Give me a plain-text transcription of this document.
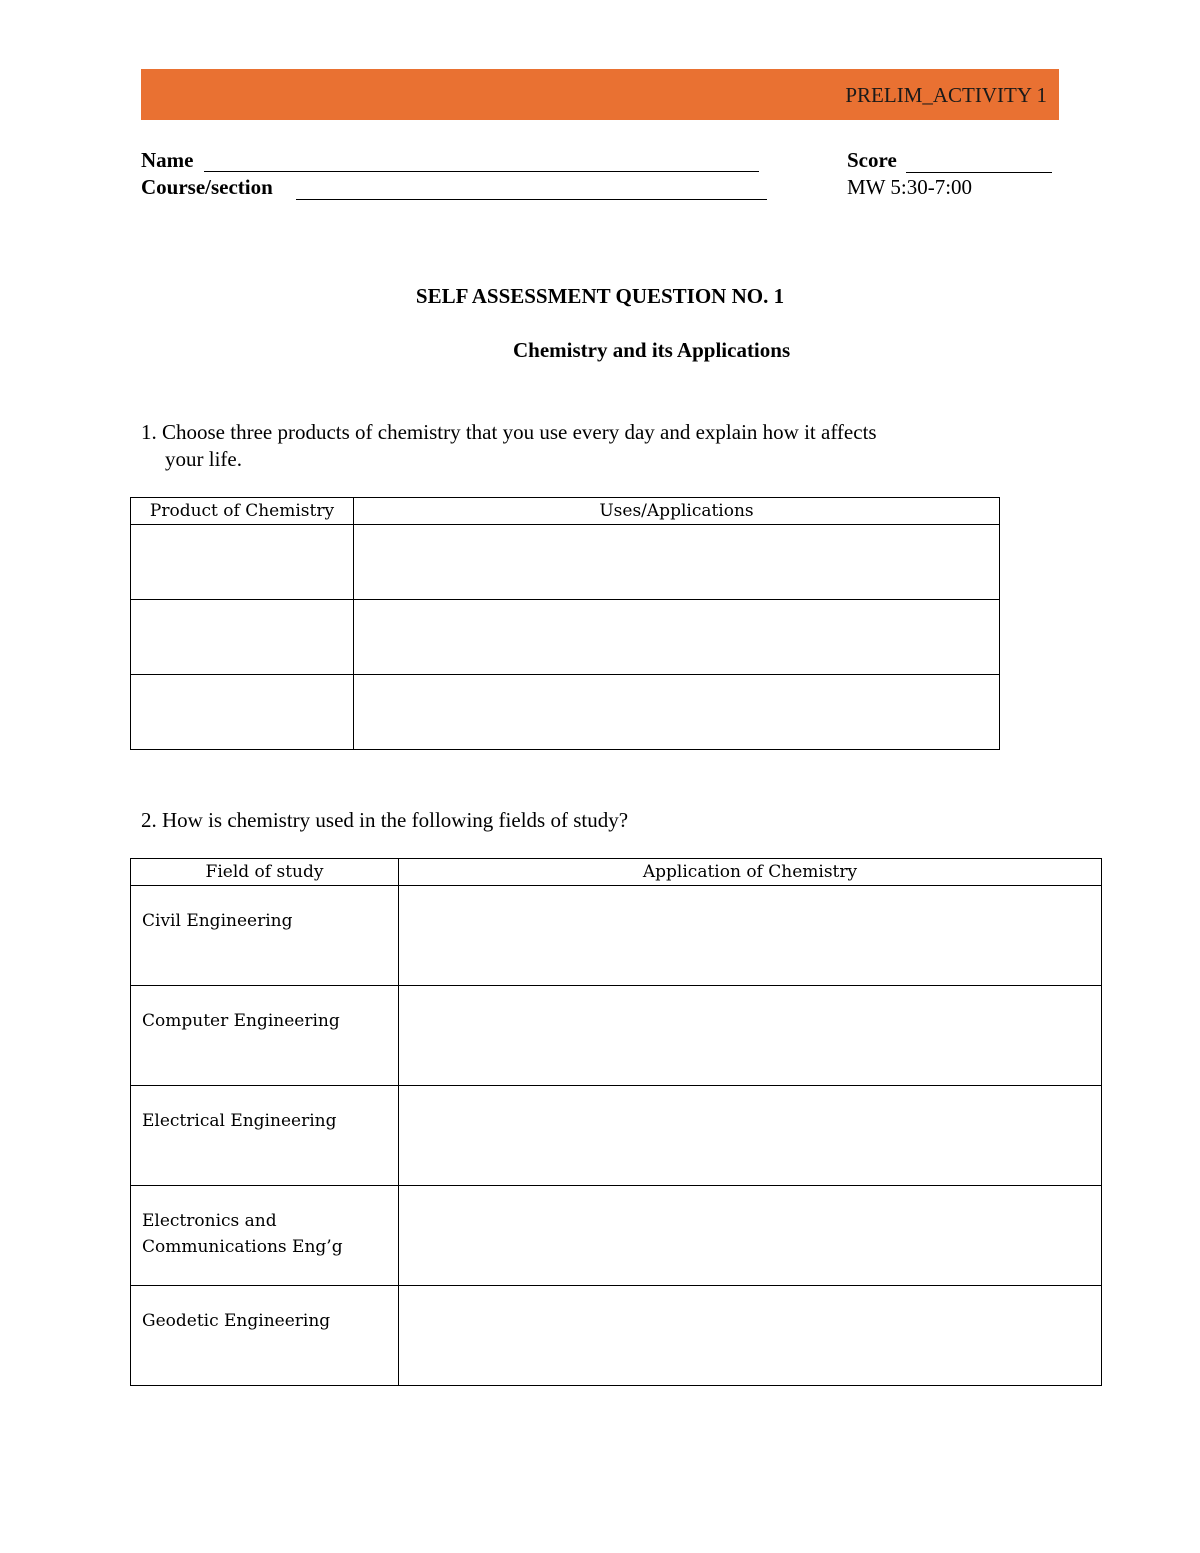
PRELIM_ACTIVITY 1
Name
Course/section
Score
MW 5:30-7:00
SELF ASSESSMENT QUESTION NO. 1
Chemistry and its Applications
1. Choose three products of chemistry that you use every day and explain how it affects
your life.
Product of Chemistry	Uses/Applications

2. How is chemistry used in the following fields of study?
Field of study	Application of Chemistry
Civil Engineering	
Computer Engineering	
Electrical Engineering	

Electronics and
Communications Eng’g	

Geodetic Engineering	
